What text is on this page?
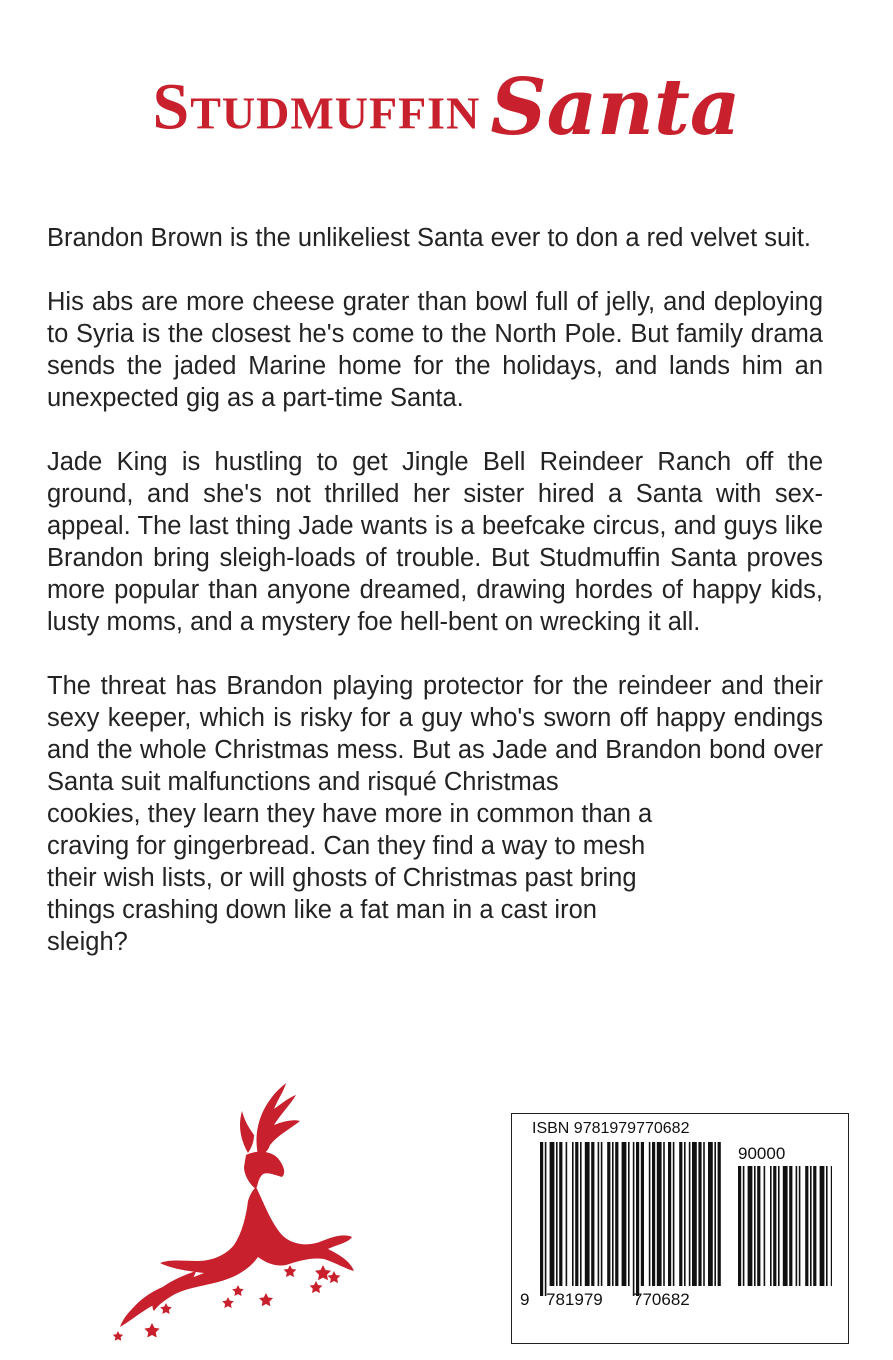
Studmuffin Santa

Brandon Brown is the unlikeliest Santa ever to don a red velvet suit.

His abs are more cheese grater than bowl full of jelly, and deploying to Syria is the closest he's come to the North Pole. But family drama sends the jaded Marine home for the holidays, and lands him an unexpected gig as a part-time Santa.

Jade King is hustling to get Jingle Bell Reindeer Ranch off the ground, and she's not thrilled her sister hired a Santa with sex-appeal. The last thing Jade wants is a beefcake circus, and guys like Brandon bring sleigh-loads of trouble. But Studmuffin Santa proves more popular than anyone dreamed, drawing hordes of happy kids, lusty moms, and a mystery foe hell-bent on wrecking it all.

The threat has Brandon playing protector for the reindeer and their sexy keeper, which is risky for a guy who's sworn off happy endings and the whole Christmas mess. But as Jade and Brandon bond over Santa suit malfunctions and risqué Christmas
cookies, they learn they have more in common than a craving for gingerbread. Can they find a way to mesh their wish lists, or will ghosts of Christmas past bring things crashing down like a fat man in a cast iron sleigh?

ISBN 9781979770682
90000
9 781979 770682
